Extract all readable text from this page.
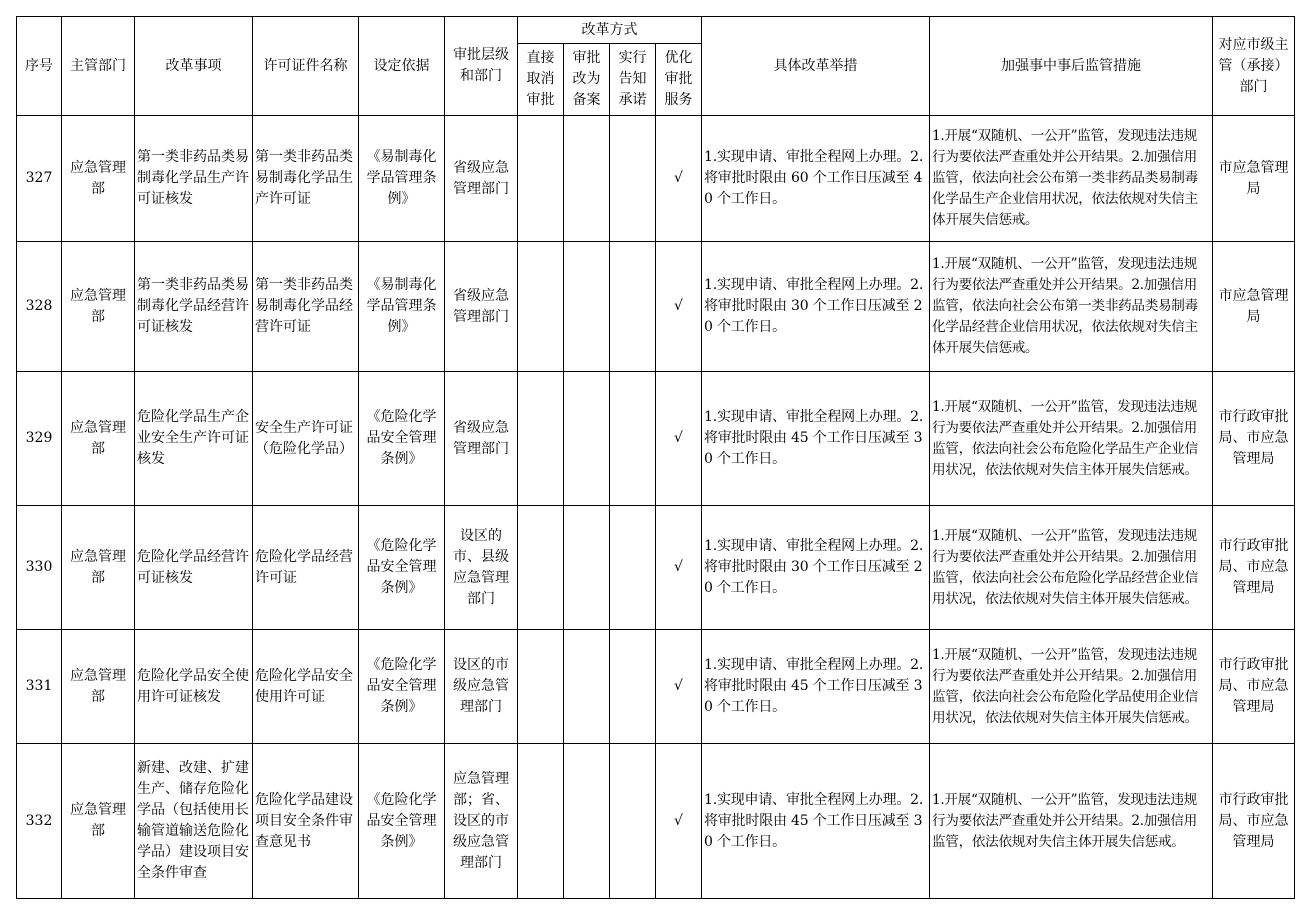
序号	主管部门	改革事项	许可证件名称	设定依据	审批层级和部门	改革方式				具体改革举措	加强事中事后监管措施	对应市级主管（承接）部门
						直接取消审批	审批改为备案	实行告知承诺	优化审批服务			
327	应急管理部	第一类非药品类易制毒化学品生产许可证核发	第一类非药品类易制毒化学品生产许可证	《易制毒化学品管理条例》	省级应急管理部门				√	1.实现申请、审批全程网上办理。2.将审批时限由 60 个工作日压减至 40 个工作日。	1.开展“双随机、一公开”监管，发现违法违规行为要依法严查重处并公开结果。2.加强信用监管，依法向社会公布第一类非药品类易制毒化学品生产企业信用状况，依法依规对失信主体开展失信惩戒。	市应急管理局
328	应急管理部	第一类非药品类易制毒化学品经营许可证核发	第一类非药品类易制毒化学品经营许可证	《易制毒化学品管理条例》	省级应急管理部门				√	1.实现申请、审批全程网上办理。2.将审批时限由 30 个工作日压减至 20 个工作日。	1.开展“双随机、一公开”监管，发现违法违规行为要依法严查重处并公开结果。2.加强信用监管，依法向社会公布第一类非药品类易制毒化学品经营企业信用状况，依法依规对失信主体开展失信惩戒。	市应急管理局
329	应急管理部	危险化学品生产企业安全生产许可证核发	安全生产许可证（危险化学品）	《危险化学品安全管理条例》	省级应急管理部门				√	1.实现申请、审批全程网上办理。2.将审批时限由 45 个工作日压减至 30 个工作日。	1.开展“双随机、一公开”监管，发现违法违规行为要依法严查重处并公开结果。2.加强信用监管，依法向社会公布危险化学品生产企业信用状况，依法依规对失信主体开展失信惩戒。	市行政审批局、市应急管理局
330	应急管理部	危险化学品经营许可证核发	危险化学品经营许可证	《危险化学品安全管理条例》	设区的市、县级应急管理部门				√	1.实现申请、审批全程网上办理。2.将审批时限由 30 个工作日压减至 20 个工作日。	1.开展“双随机、一公开”监管，发现违法违规行为要依法严查重处并公开结果。2.加强信用监管，依法向社会公布危险化学品经营企业信用状况，依法依规对失信主体开展失信惩戒。	市行政审批局、市应急管理局
331	应急管理部	危险化学品安全使用许可证核发	危险化学品安全使用许可证	《危险化学品安全管理条例》	设区的市级应急管理部门				√	1.实现申请、审批全程网上办理。2.将审批时限由 45 个工作日压减至 30 个工作日。	1.开展“双随机、一公开”监管，发现违法违规行为要依法严查重处并公开结果。2.加强信用监管，依法向社会公布危险化学品使用企业信用状况，依法依规对失信主体开展失信惩戒。	市行政审批局、市应急管理局
332	应急管理部	新建、改建、扩建生产、储存危险化学品（包括使用长输管道输送危险化学品）建设项目安全条件审查	危险化学品建设项目安全条件审查意见书	《危险化学品安全管理条例》	应急管理部；省、设区的市级应急管理部门				√	1.实现申请、审批全程网上办理。2.将审批时限由 45 个工作日压减至 30 个工作日。	1.开展“双随机、一公开”监管，发现违法违规行为要依法严查重处并公开结果。2.加强信用监管，依法依规对失信主体开展失信惩戒。	市行政审批局、市应急管理局
